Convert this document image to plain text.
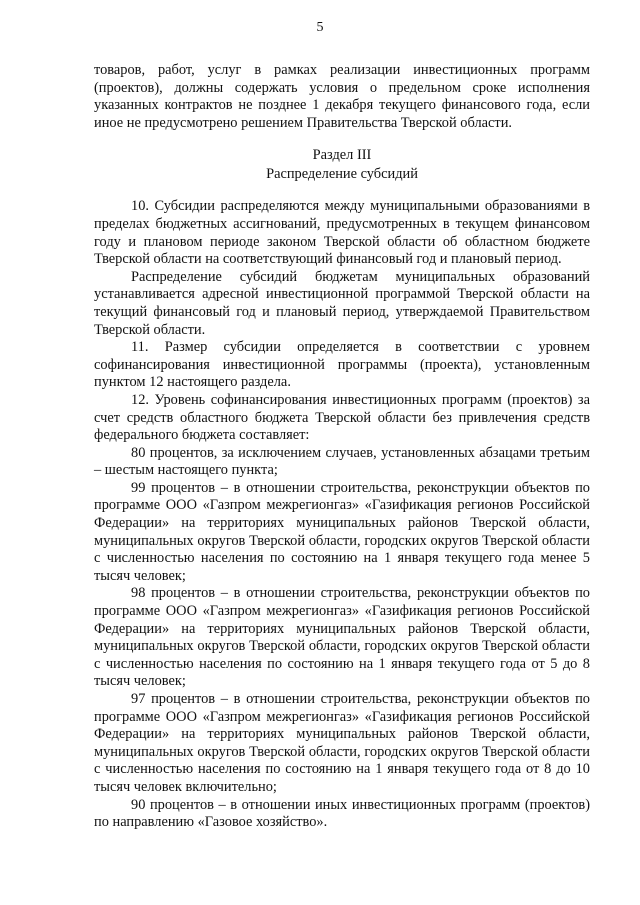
5

товаров, работ, услуг в рамках реализации инвестиционных программ (проектов), должны содержать условия о предельном сроке исполнения указанных контрактов не позднее 1 декабря текущего финансового года, если иное не предусмотрено решением Правительства Тверской области.

Раздел III
Распределение субсидий

10. Субсидии распределяются между муниципальными образованиями в пределах бюджетных ассигнований, предусмотренных в текущем финансовом году и плановом периоде законом Тверской области об областном бюджете Тверской области на соответствующий финансовый год и плановый период.

Распределение субсидий бюджетам муниципальных образований устанавливается адресной инвестиционной программой Тверской области на текущий финансовый год и плановый период, утверждаемой Правительством Тверской области.

11. Размер субсидии определяется в соответствии с уровнем софинансирования инвестиционной программы (проекта), установленным пунктом 12 настоящего раздела.

12. Уровень софинансирования инвестиционных программ (проектов) за счет средств областного бюджета Тверской области без привлечения средств федерального бюджета составляет:

80 процентов, за исключением случаев, установленных абзацами третьим – шестым настоящего пункта;

99 процентов – в отношении строительства, реконструкции объектов по программе ООО «Газпром межрегионгаз» «Газификация регионов Российской Федерации» на территориях муниципальных районов Тверской области, муниципальных округов Тверской области, городских округов Тверской области с численностью населения по состоянию на 1 января текущего года менее 5 тысяч человек;

98 процентов – в отношении строительства, реконструкции объектов по программе ООО «Газпром межрегионгаз» «Газификация регионов Российской Федерации» на территориях муниципальных районов Тверской области, муниципальных округов Тверской области, городских округов Тверской области с численностью населения по состоянию на 1 января текущего года от 5 до 8 тысяч человек;

97 процентов – в отношении строительства, реконструкции объектов по программе ООО «Газпром межрегионгаз» «Газификация регионов Российской Федерации» на территориях муниципальных районов Тверской области, муниципальных округов Тверской области, городских округов Тверской области с численностью населения по состоянию на 1 января текущего года от 8 до 10 тысяч человек включительно;

90 процентов – в отношении иных инвестиционных программ (проектов) по направлению «Газовое хозяйство».
